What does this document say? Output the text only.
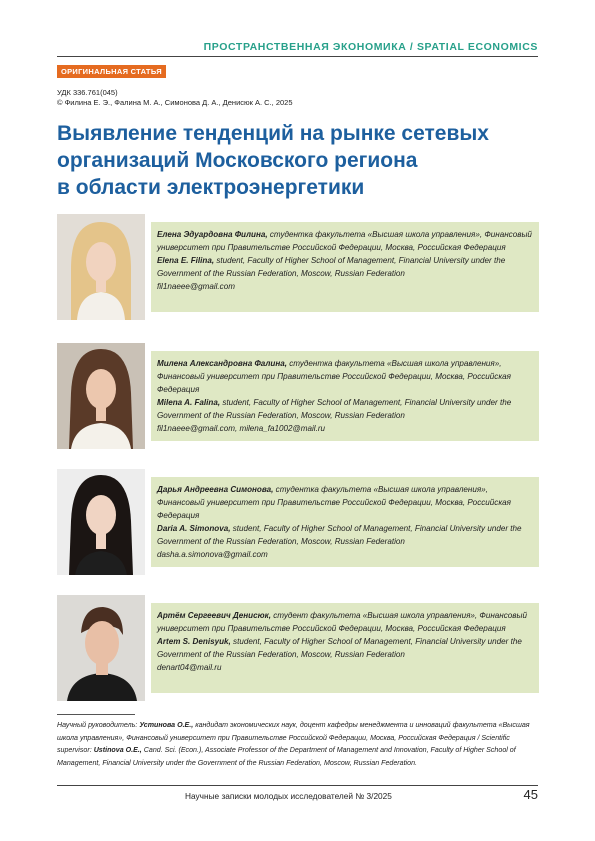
ПРОСТРАНСТВЕННАЯ ЭКОНОМИКА / SPATIAL ECONOMICS
ОРИГИНАЛЬНАЯ СТАТЬЯ
УДК 336.761(045)
© Филина Е. Э., Фалина М. А., Симонова Д. А., Денисюк А. С., 2025
Выявление тенденций на рынке сетевых
организаций Московского региона
в области электроэнергетики
Елена Эдуардовна Филина, студентка факультета «Высшая школа управления», Финансовый университет при Правительстве Российской Федерации, Москва, Российская Федерация
Elena E. Filina, student, Faculty of Higher School of Management, Financial University under the Government of the Russian Federation, Moscow, Russian Federation
fil1naeee@gmail.com
Милена Александровна Фалина, студентка факультета «Высшая школа управления», Финансовый университет при Правительстве Российской Федерации, Москва, Российская Федерация
Milena A. Falina, student, Faculty of Higher School of Management, Financial University under the Government of the Russian Federation, Moscow, Russian Federation
fil1naeee@gmail.com, milena_fa1002@mail.ru
Дарья Андреевна Симонова, студентка факультета «Высшая школа управления», Финансовый университет при Правительстве Российской Федерации, Москва, Российская Федерация
Daria A. Simonova, student, Faculty of Higher School of Management, Financial University under the Government of the Russian Federation, Moscow, Russian Federation
dasha.a.simonova@gmail.com
Артём Сергеевич Денисюк, студент факультета «Высшая школа управления», Финансовый университет при Правительстве Российской Федерации, Москва, Российская Федерация
Artem S. Denisyuk, student, Faculty of Higher School of Management, Financial University under the Government of the Russian Federation, Moscow, Russian Federation
denart04@mail.ru
Научный руководитель: Устинова О.Е., кандидат экономических наук, доцент кафедры менеджмента и инноваций факультета «Высшая школа управления», Финансовый университет при Правительстве Российской Федерации, Москва, Российская Федерация / Scientific supervisor: Ustinova O.E., Cand. Sci. (Econ.), Associate Professor of the Department of Management and Innovation, Faculty of Higher School of Management, Financial University under the Government of the Russian Federation, Moscow, Russian Federation.
Научные записки молодых исследователей № 3/2025	45
